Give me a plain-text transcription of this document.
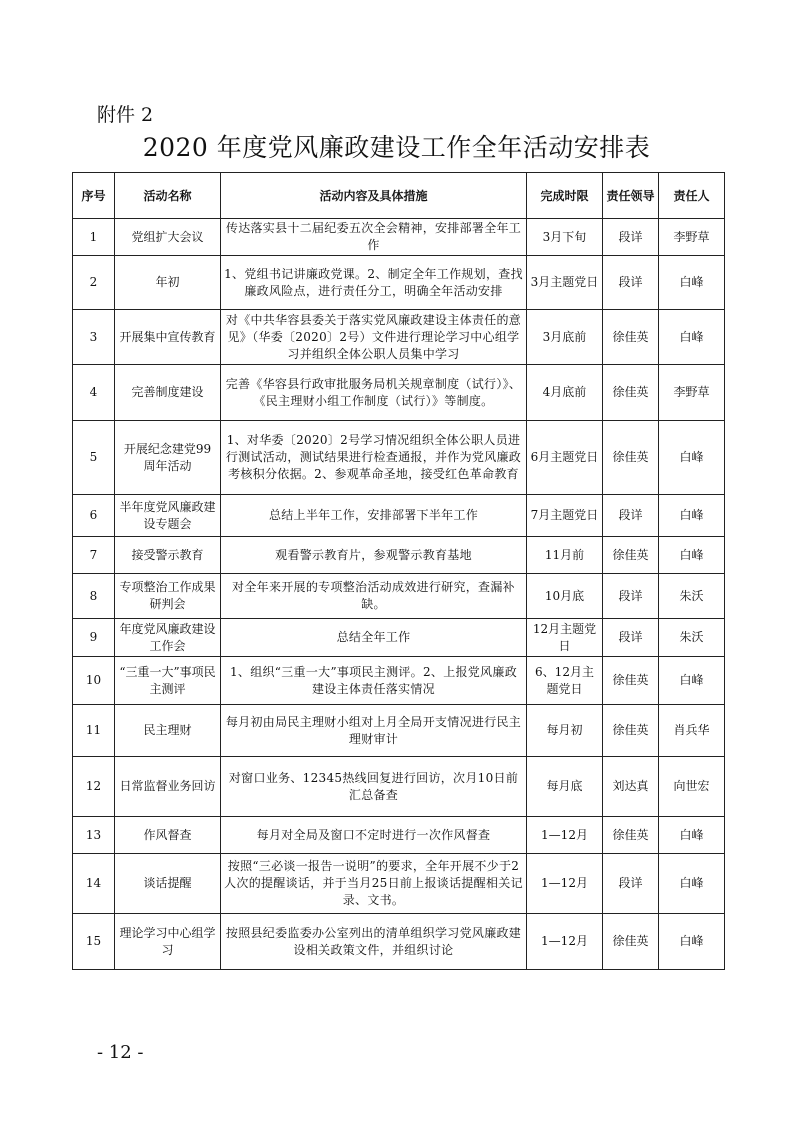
附件 2
2020 年度党风廉政建设工作全年活动安排表
序号	活动名称	活动内容及具体措施	完成时限	责任领导	责任人
1	党组扩大会议	传达落实县十二届纪委五次全会精神，安排部署全年工作	3月下旬	段详	李野草
2	年初	1、党组书记讲廉政党课。2、制定全年工作规划，查找廉政风险点，进行责任分工，明确全年活动安排	3月主题党日	段详	白峰
3	开展集中宣传教育	对《中共华容县委关于落实党风廉政建设主体责任的意见》（华委〔2020〕2号）文件进行理论学习中心组学习并组织全体公职人员集中学习	3月底前	徐佳英	白峰
4	完善制度建设	完善《华容县行政审批服务局机关规章制度（试行）》、《民主理财小组工作制度（试行）》等制度。	4月底前	徐佳英	李野草
5	开展纪念建党99周年活动	1、对华委〔2020〕2号学习情况组织全体公职人员进行测试活动，测试结果进行检查通报，并作为党风廉政考核积分依据。2、参观革命圣地，接受红色革命教育	6月主题党日	徐佳英	白峰
6	半年度党风廉政建设专题会	总结上半年工作，安排部署下半年工作	7月主题党日	段详	白峰
7	接受警示教育	观看警示教育片，参观警示教育基地	11月前	徐佳英	白峰
8	专项整治工作成果研判会	对全年来开展的专项整治活动成效进行研究，查漏补缺。	10月底	段详	朱沃
9	年度党风廉政建设工作会	总结全年工作	12月主题党日	段详	朱沃
10	“三重一大”事项民主测评	1、组织“三重一大”事项民主测评。2、上报党风廉政建设主体责任落实情况	6、12月主题党日	徐佳英	白峰
11	民主理财	每月初由局民主理财小组对上月全局开支情况进行民主理财审计	每月初	徐佳英	肖兵华
12	日常监督业务回访	对窗口业务、12345热线回复进行回访，次月10日前汇总备查	每月底	刘达真	向世宏
13	作风督查	每月对全局及窗口不定时进行一次作风督查	1—12月	徐佳英	白峰
14	谈话提醒	按照“三必谈一报告一说明”的要求，全年开展不少于2人次的提醒谈话，并于当月25日前上报谈话提醒相关记录、文书。	1—12月	段详	白峰
15	理论学习中心组学习	按照县纪委监委办公室列出的清单组织学习党风廉政建设相关政策文件，并组织讨论	1—12月	徐佳英	白峰
- 12 -
